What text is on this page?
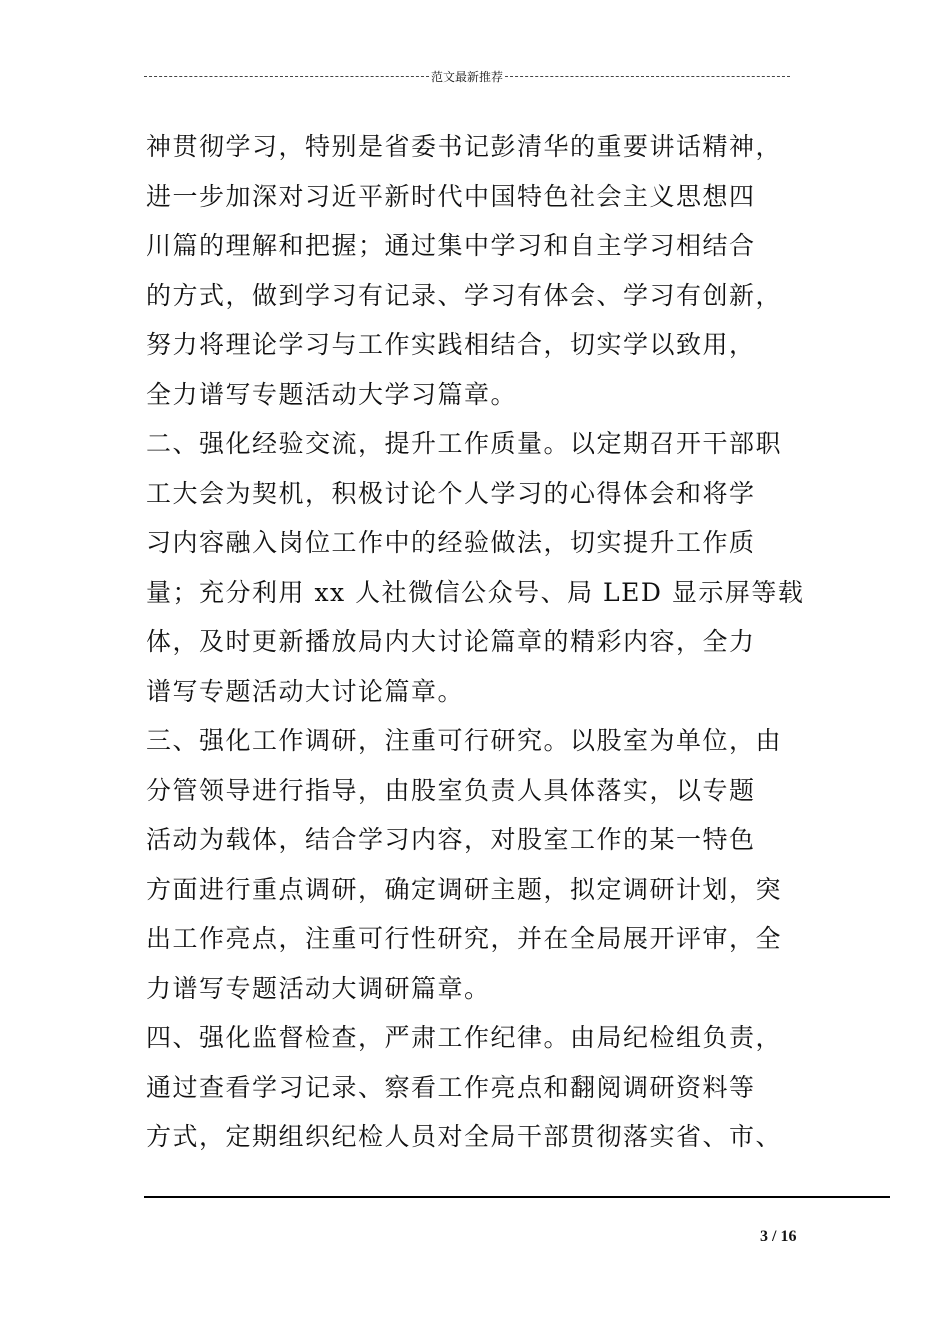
范文最新推荐
神贯彻学习，特别是省委书记彭清华的重要讲话精神，
进一步加深对习近平新时代中国特色社会主义思想四
川篇的理解和把握；通过集中学习和自主学习相结合
的方式，做到学习有记录、学习有体会、学习有创新，
努力将理论学习与工作实践相结合，切实学以致用，
全力谱写专题活动大学习篇章。
二、强化经验交流，提升工作质量。以定期召开干部职
工大会为契机，积极讨论个人学习的心得体会和将学
习内容融入岗位工作中的经验做法，切实提升工作质
量；充分利用 xx 人社微信公众号、局 LED 显示屏等载
体，及时更新播放局内大讨论篇章的精彩内容，全力
谱写专题活动大讨论篇章。
三、强化工作调研，注重可行研究。以股室为单位，由
分管领导进行指导，由股室负责人具体落实，以专题
活动为载体，结合学习内容，对股室工作的某一特色
方面进行重点调研，确定调研主题，拟定调研计划，突
出工作亮点，注重可行性研究，并在全局展开评审，全
力谱写专题活动大调研篇章。
四、强化监督检查，严肃工作纪律。由局纪检组负责，
通过查看学习记录、察看工作亮点和翻阅调研资料等
方式，定期组织纪检人员对全局干部贯彻落实省、市、
3 / 16
